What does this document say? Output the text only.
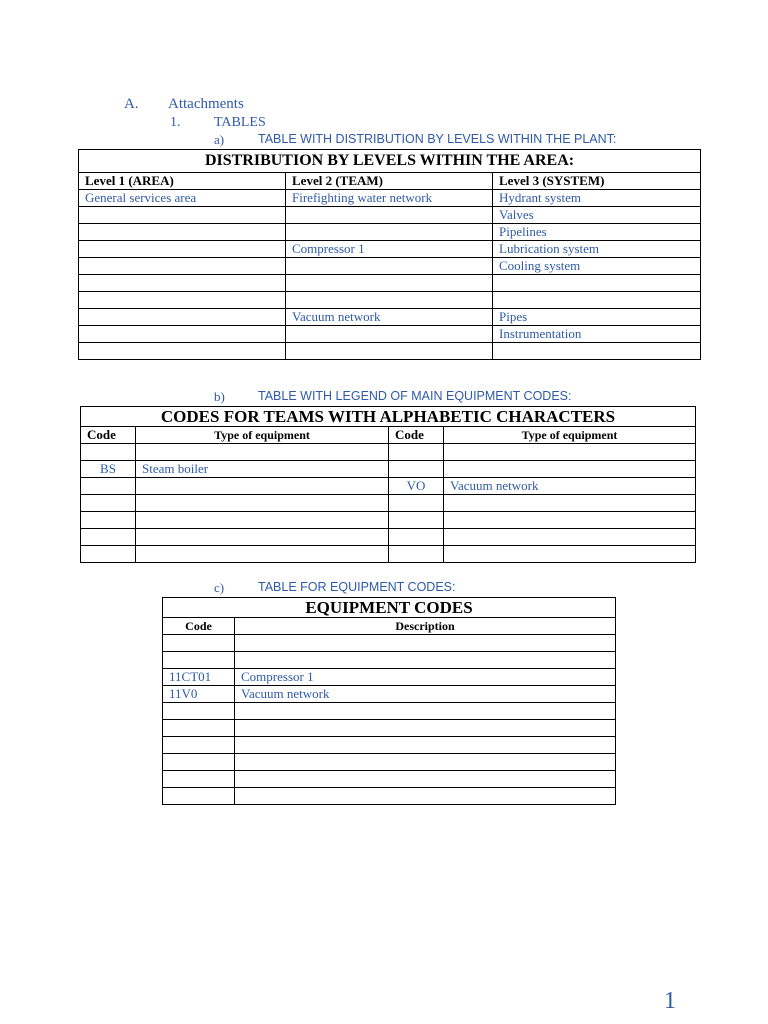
A. Attachments
1. TABLES
a)	TABLE WITH DISTRIBUTION BY LEVELS WITHIN THE PLANT:
DISTRIBUTION BY LEVELS WITHIN THE AREA:		
Level 1 (AREA)	Level 2 (TEAM)	Level 3 (SYSTEM)
General services area	Firefighting water network	Hydrant system
		Valves
		Pipelines
	Compressor 1	Lubrication system
		Cooling system

	Vacuum network	Pipes
		Instrumentation

b)	TABLE WITH LEGEND OF MAIN EQUIPMENT CODES:
CODES FOR TEAMS WITH ALPHABETIC CHARACTERS			
Code	Type of equipment	Code	Type of equipment

BS	Steam boiler		
		VO	Vacuum network

c)	TABLE FOR EQUIPMENT CODES:
EQUIPMENT CODES	
Code	Description

11CT01	Compressor 1
11V0	Vacuum network

1
